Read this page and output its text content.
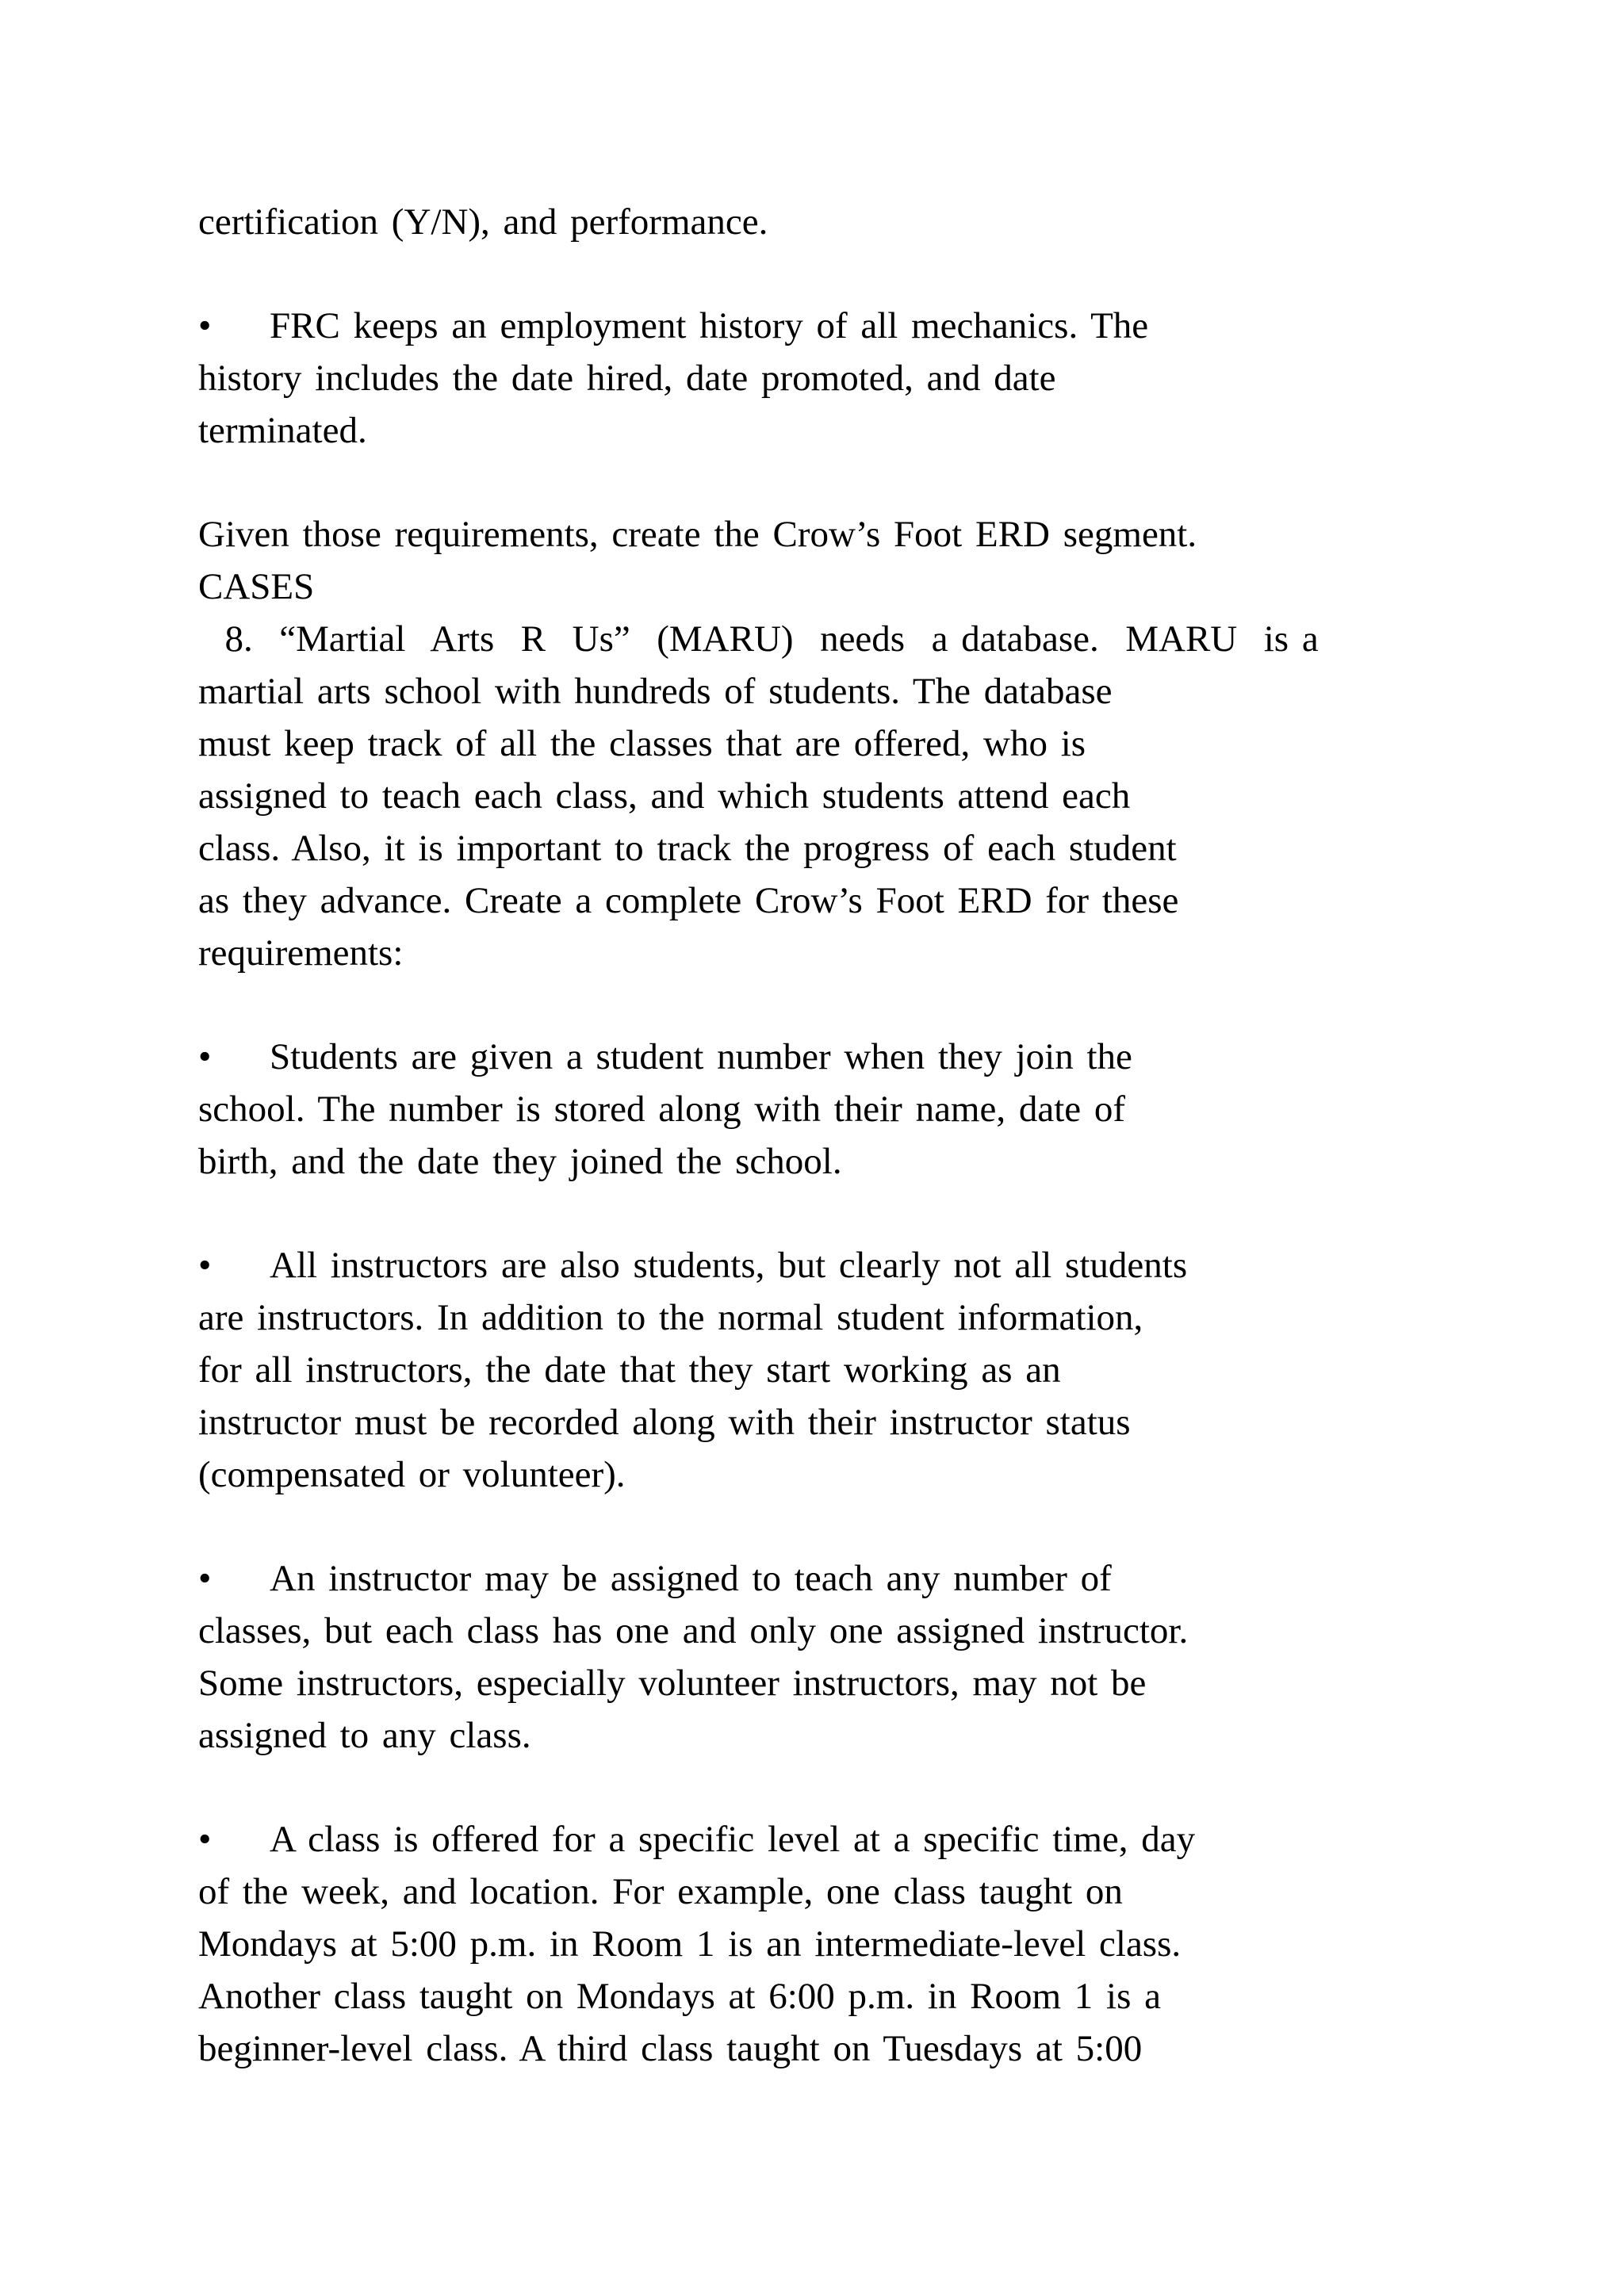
certification (Y/N), and performance.

• FRC keeps an employment history of all mechanics. The

history includes the date hired, date promoted, and date

terminated.

Given those requirements, create the Crow’s Foot ERD segment.

CASES

8.  “Martial  Arts  R  Us”  (MARU)  needs  a database.  MARU  is a

martial arts school with hundreds of students. The database

must keep track of all the classes that are offered, who is

assigned to teach each class, and which students attend each

class. Also, it is important to track the progress of each student

as they advance. Create a complete Crow’s Foot ERD for these

requirements:

• Students are given a student number when they join the

school. The number is stored along with their name, date of

birth, and the date they joined the school.

• All instructors are also students, but clearly not all students

are instructors. In addition to the normal student information,

for all instructors, the date that they start working as an

instructor must be recorded along with their instructor status

(compensated or volunteer).

• An instructor may be assigned to teach any number of

classes, but each class has one and only one assigned instructor.

Some instructors, especially volunteer instructors, may not be

assigned to any class.

• A class is offered for a specific level at a specific time, day

of the week, and location. For example, one class taught on

Mondays at 5:00 p.m. in Room 1 is an intermediate-level class.

Another class taught on Mondays at 6:00 p.m. in Room 1 is a

beginner-level class. A third class taught on Tuesdays at 5:00
